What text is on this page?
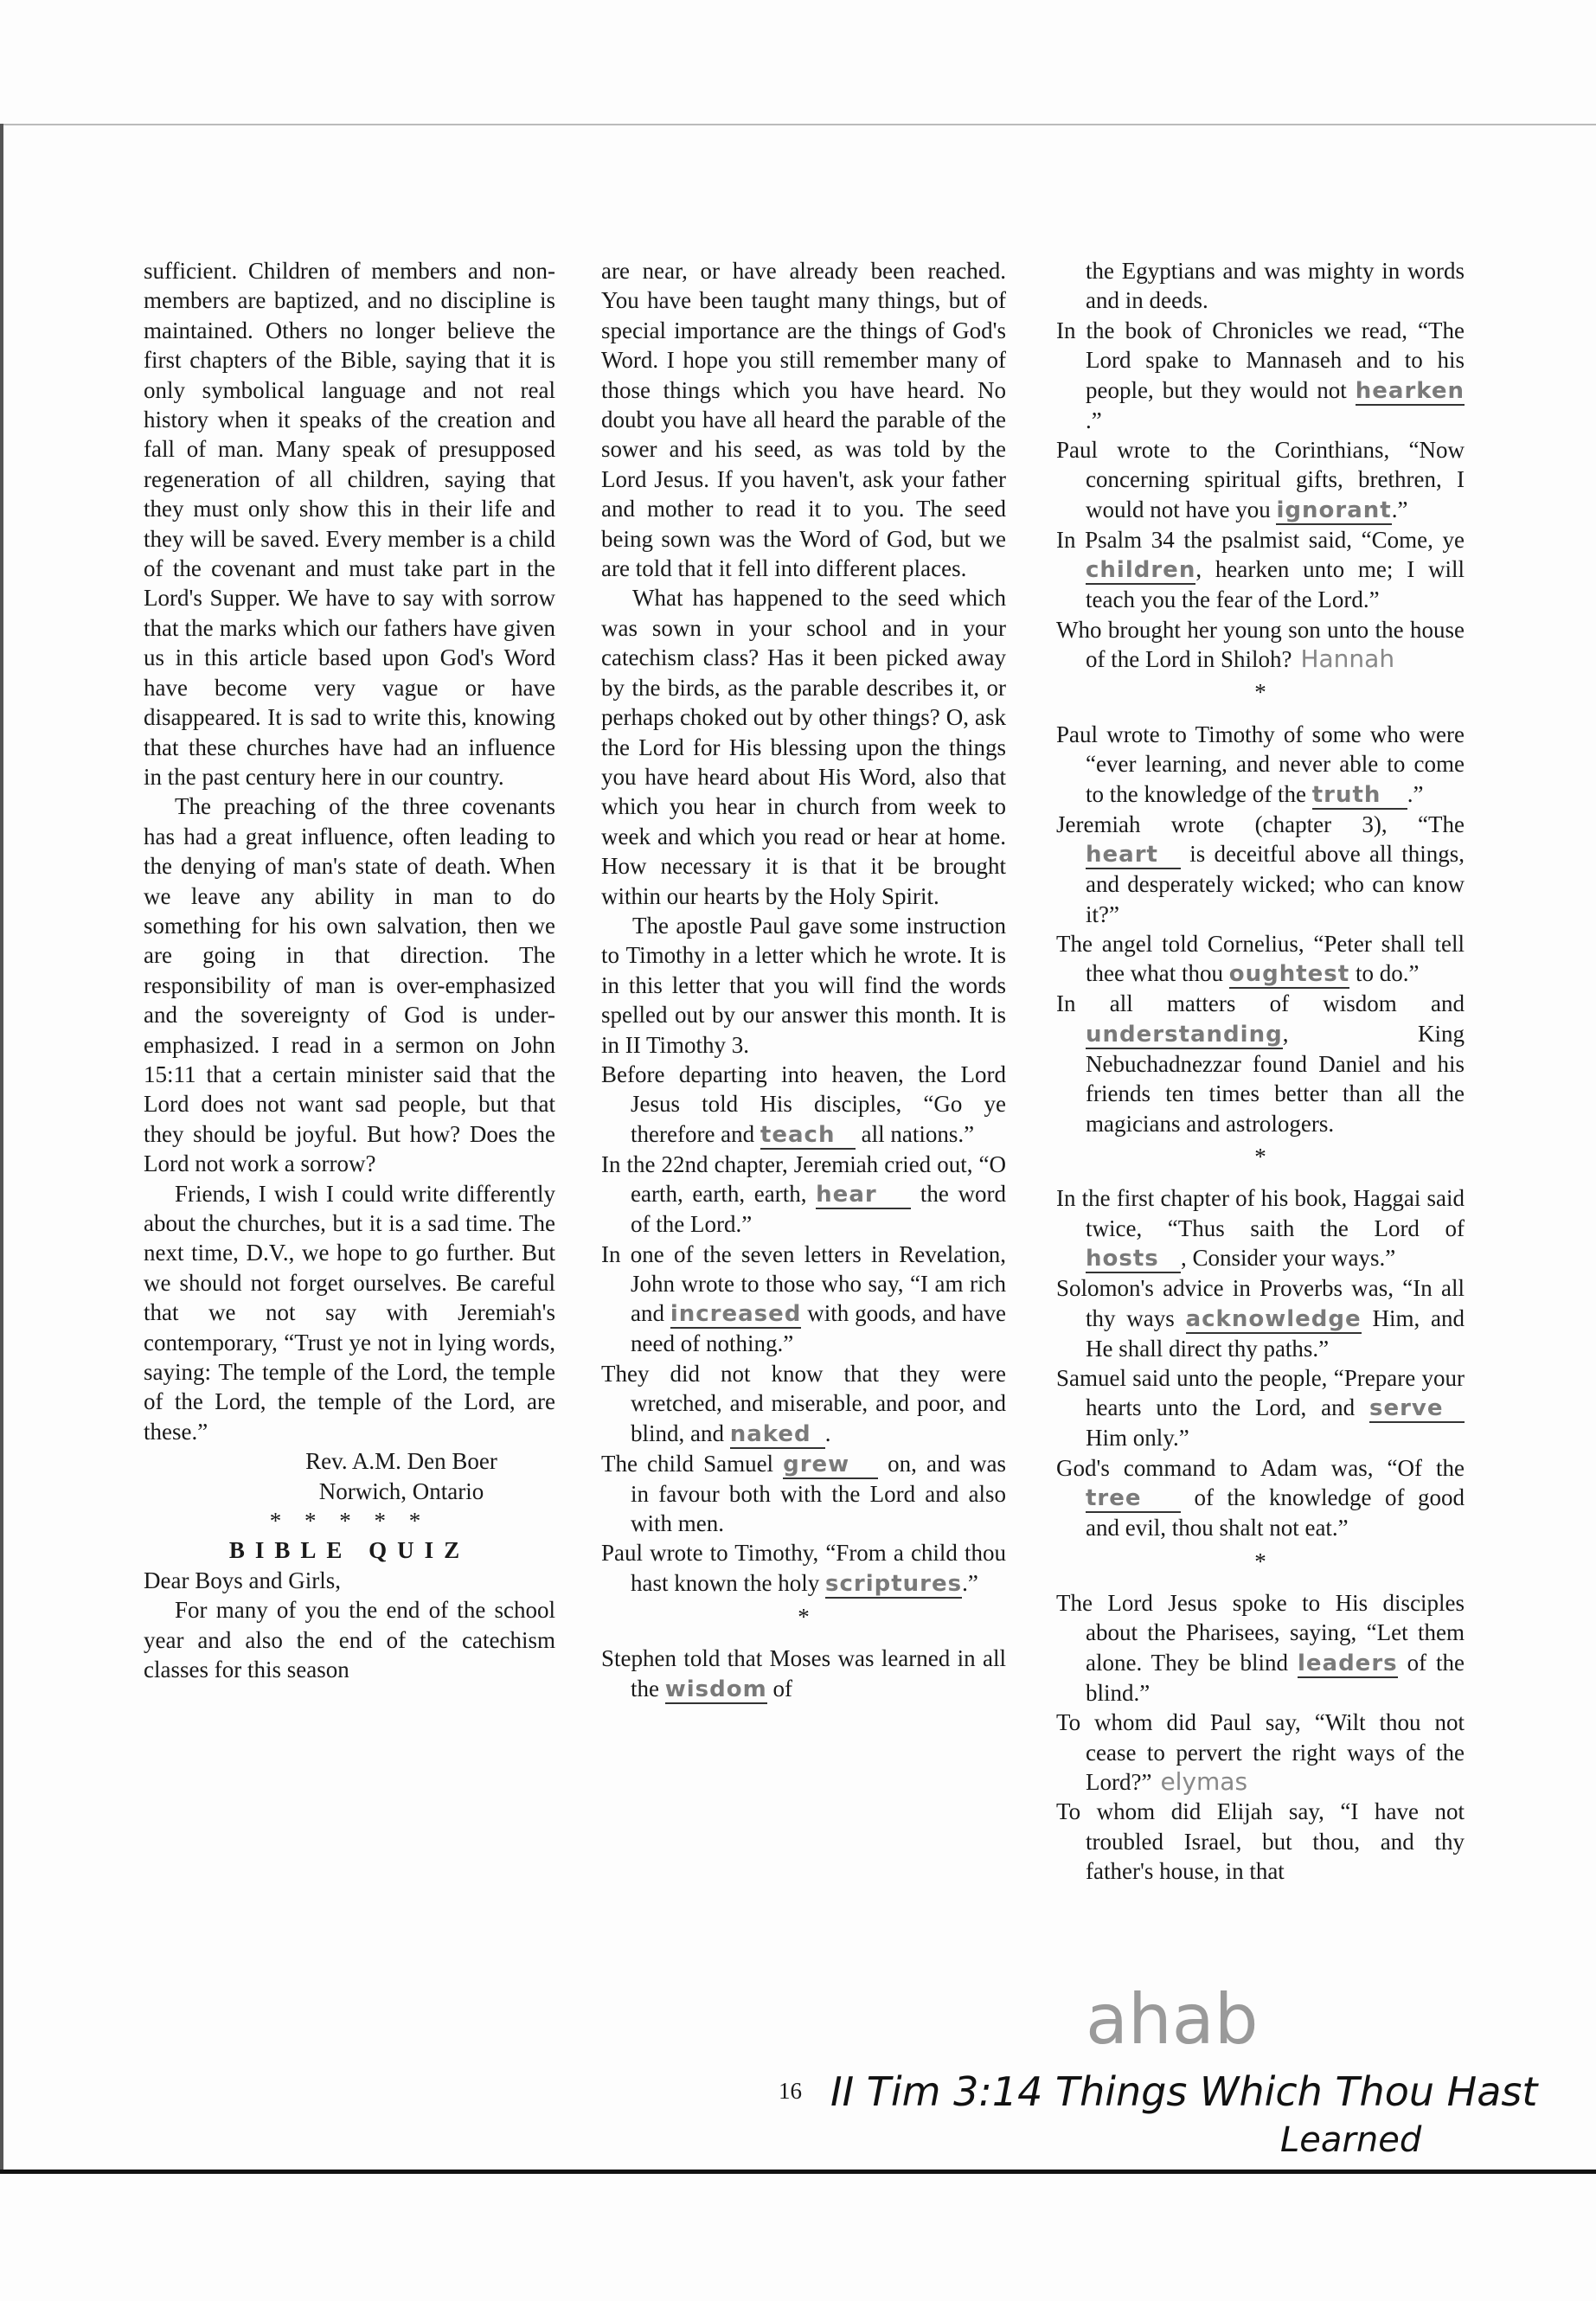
sufficient. Children of members and non-members are baptized, and no discipline is maintained. Others no longer believe the first chapters of the Bible, saying that it is only symbolical language and not real history when it speaks of the creation and fall of man. Many speak of presupposed regeneration of all children, saying that they must only show this in their life and they will be saved. Every member is a child of the covenant and must take part in the Lord's Supper. We have to say with sorrow that the marks which our fathers have given us in this article based upon God's Word have become very vague or have disappeared. It is sad to write this, knowing that these churches have had an influence in the past century here in our country.

The preaching of the three covenants has had a great influence, often leading to the denying of man's state of death. When we leave any ability in man to do something for his own salvation, then we are going in that direction. The responsibility of man is over-emphasized and the sovereignty of God is under-emphasized. I read in a sermon on John 15:11 that a certain minister said that the Lord does not want sad people, but that they should be joyful. But how? Does the Lord not work a sorrow?

Friends, I wish I could write differently about the churches, but it is a sad time. The next time, D.V., we hope to go further. But we should not forget ourselves. Be careful that we not say with Jeremiah's contemporary, “Trust ye not in lying words, saying: The temple of the Lord, the temple of the Lord, the temple of the Lord, are these.”

Rev. A.M. Den Boer

Norwich, Ontario

* * * * *

BIBLE QUIZ

Dear Boys and Girls,

For many of you the end of the school year and also the end of the catechism classes for this season

are near, or have already been reached. You have been taught many things, but of special importance are the things of God's Word. I hope you still remember many of those things which you have heard. No doubt you have all heard the parable of the sower and his seed, as was told by the Lord Jesus. If you haven't, ask your father and mother to read it to you. The seed being sown was the Word of God, but we are told that it fell into different places.

What has happened to the seed which was sown in your school and in your catechism class? Has it been picked away by the birds, as the parable describes it, or perhaps choked out by other things? O, ask the Lord for His blessing upon the things you have heard about His Word, also that which you hear in church from week to week and which you read or hear at home. How necessary it is that it be brought within our hearts by the Holy Spirit.

The apostle Paul gave some instruction to Timothy in a letter which he wrote. It is in this letter that you will find the words spelled out by our answer this month. It is in II Timothy 3.

Before departing into heaven, the Lord Jesus told His disciples, “Go ye therefore and teach all nations.”

In the 22nd chapter, Jeremiah cried out, “O earth, earth, earth, hear the word of the Lord.”

In one of the seven letters in Revelation, John wrote to those who say, “I am rich and increased with goods, and have need of nothing.”

They did not know that they were wretched, and miserable, and poor, and blind, and naked .

The child Samuel grew on, and was in favour both with the Lord and also with men.

Paul wrote to Timothy, “From a child thou hast known the holy scriptures.”

*

Stephen told that Moses was learned in all the wisdom of

the Egyptians and was mighty in words and in deeds.

In the book of Chronicles we read, “The Lord spake to Mannaseh and to his people, but they would not hearken.”

Paul wrote to the Corinthians, “Now concerning spiritual gifts, brethren, I would not have you ignorant.”

In Psalm 34 the psalmist said, “Come, ye children, hearken unto me; I will teach you the fear of the Lord.”

Who brought her young son unto the house of the Lord in Shiloh? Hannah

*

Paul wrote to Timothy of some who were “ever learning, and never able to come to the knowledge of the truth .”

Jeremiah wrote (chapter 3), “The heart is deceitful above all things, and desperately wicked; who can know it?”

The angel told Cornelius, “Peter shall tell thee what thou oughtest to do.”

In all matters of wisdom and understanding, King Nebuchadnezzar found Daniel and his friends ten times better than all the magicians and astrologers.

*

In the first chapter of his book, Haggai said twice, “Thus saith the Lord of hosts , Consider your ways.”

Solomon's advice in Proverbs was, “In all thy ways acknowledge Him, and He shall direct thy paths.”

Samuel said unto the people, “Prepare your hearts unto the Lord, and serve Him only.”

God's command to Adam was, “Of the tree of the knowledge of good and evil, thou shalt not eat.”

*

The Lord Jesus spoke to His disciples about the Pharisees, saying, “Let them alone. They be blind leaders of the blind.”

To whom did Paul say, “Wilt thou not cease to pervert the right ways of the Lord?” elymas

To whom did Elijah say, “I have not troubled Israel, but thou, and thy father's house, in that

ahab
16 II Tim 3:14 Things Which Thou Hast
Learned
